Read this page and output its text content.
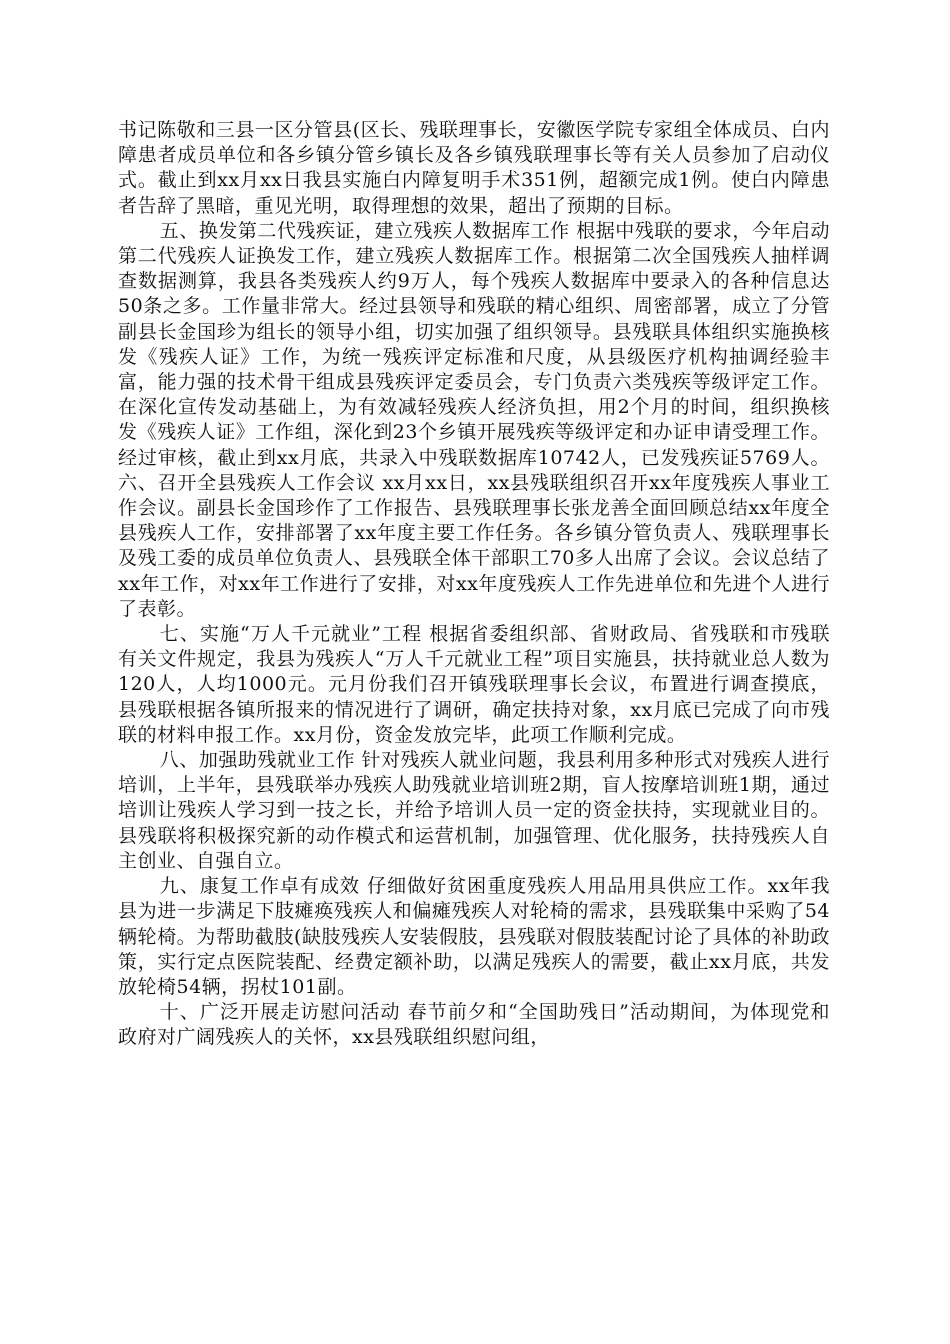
书记陈敬和三县一区分管县(区长、残联理事长，安徽医学院专家组全体成员、白内障患者成员单位和各乡镇分管乡镇长及各乡镇残联理事长等有关人员参加了启动仪式。截止到xx月xx日我县实施白内障复明手术351例，超额完成1例。使白内障患者告辞了黑暗，重见光明，取得理想的效果，超出了预期的目标。

五、换发第二代残疾证，建立残疾人数据库工作 根据中残联的要求，今年启动第二代残疾人证换发工作，建立残疾人数据库工作。根据第二次全国残疾人抽样调查数据测算，我县各类残疾人约9万人，每个残疾人数据库中要录入的各种信息达50条之多。工作量非常大。经过县领导和残联的精心组织、周密部署，成立了分管副县长金国珍为组长的领导小组，切实加强了组织领导。县残联具体组织实施换核发《残疾人证》工作，为统一残疾评定标准和尺度，从县级医疗机构抽调经验丰富，能力强的技术骨干组成县残疾评定委员会，专门负责六类残疾等级评定工作。在深化宣传发动基础上，为有效减轻残疾人经济负担，用2个月的时间，组织换核发《残疾人证》工作组，深化到23个乡镇开展残疾等级评定和办证申请受理工作。经过审核，截止到xx月底，共录入中残联数据库10742人，已发残疾证5769人。六、召开全县残疾人工作会议 xx月xx日，xx县残联组织召开xx年度残疾人事业工作会议。副县长金国珍作了工作报告、县残联理事长张龙善全面回顾总结xx年度全县残疾人工作，安排部署了xx年度主要工作任务。各乡镇分管负责人、残联理事长及残工委的成员单位负责人、县残联全体干部职工70多人出席了会议。会议总结了xx年工作，对xx年工作进行了安排，对xx年度残疾人工作先进单位和先进个人进行了表彰。

七、实施“万人千元就业”工程 根据省委组织部、省财政局、省残联和市残联有关文件规定，我县为残疾人“万人千元就业工程”项目实施县，扶持就业总人数为120人，人均1000元。元月份我们召开镇残联理事长会议，布置进行调查摸底，县残联根据各镇所报来的情况进行了调研，确定扶持对象，xx月底已完成了向市残联的材料申报工作。xx月份，资金发放完毕，此项工作顺利完成。

八、加强助残就业工作 针对残疾人就业问题，我县利用多种形式对残疾人进行培训，上半年，县残联举办残疾人助残就业培训班2期，盲人按摩培训班1期，通过培训让残疾人学习到一技之长，并给予培训人员一定的资金扶持，实现就业目的。县残联将积极探究新的动作模式和运营机制，加强管理、优化服务，扶持残疾人自主创业、自强自立。

九、康复工作卓有成效 仔细做好贫困重度残疾人用品用具供应工作。xx年我县为进一步满足下肢瘫痪残疾人和偏瘫残疾人对轮椅的需求，县残联集中采购了54辆轮椅。为帮助截肢(缺肢残疾人安装假肢，县残联对假肢装配讨论了具体的补助政策，实行定点医院装配、经费定额补助，以满足残疾人的需要，截止xx月底，共发放轮椅54辆，拐杖101副。

十、广泛开展走访慰问活动 春节前夕和“全国助残日”活动期间，为体现党和政府对广阔残疾人的关怀，xx县残联组织慰问组，
